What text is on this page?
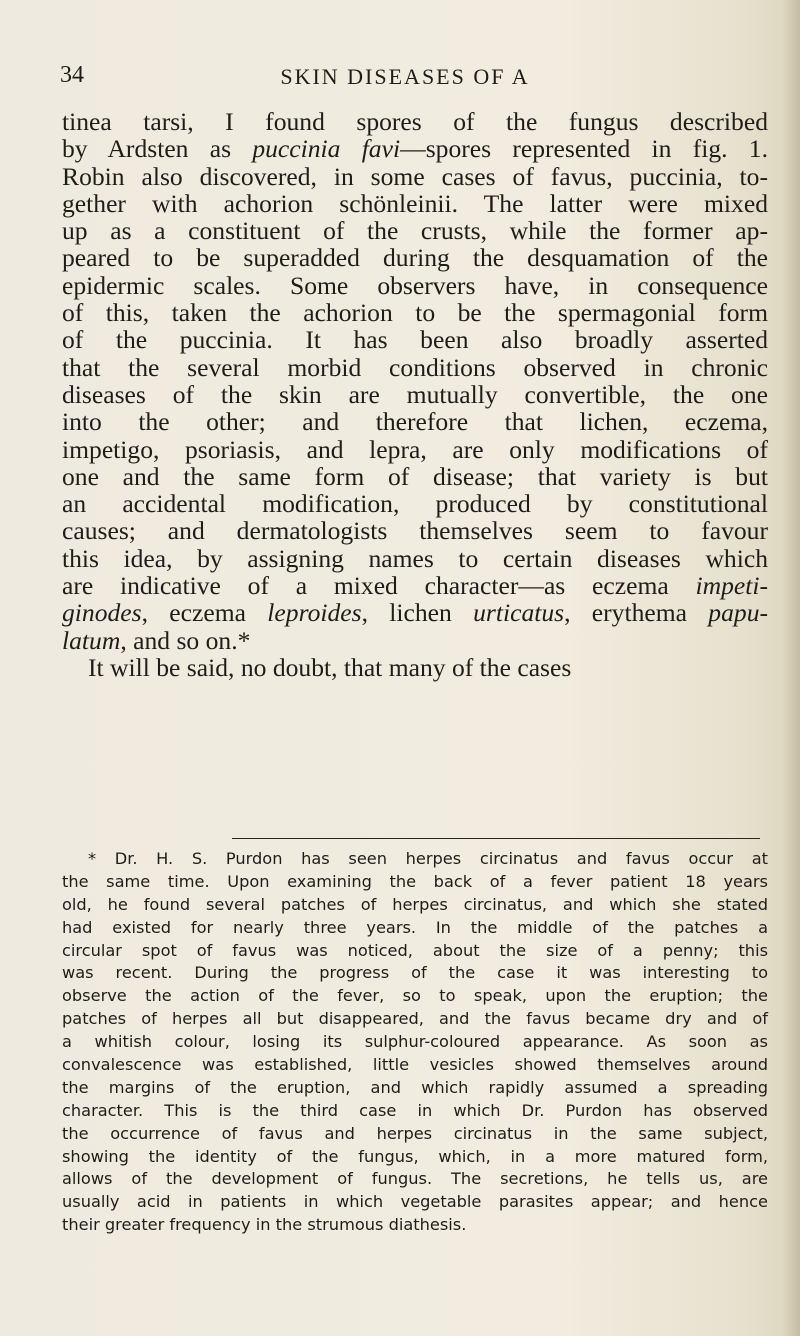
34	SKIN DISEASES OF A
tinea tarsi, I found spores of the fungus described
by Ardsten as puccinia favi—spores represented in fig. 1.
Robin also discovered, in some cases of favus, puccinia, to-
gether with achorion schönleinii. The latter were mixed
up as a constituent of the crusts, while the former ap-
peared to be superadded during the desquamation of the
epidermic scales. Some observers have, in consequence
of this, taken the achorion to be the spermagonial form
of the puccinia. It has been also broadly asserted
that the several morbid conditions observed in chronic
diseases of the skin are mutually convertible, the one
into the other; and therefore that lichen, eczema,
impetigo, psoriasis, and lepra, are only modifications of
one and the same form of disease; that variety is but
an accidental modification, produced by constitutional
causes; and dermatologists themselves seem to favour
this idea, by assigning names to certain diseases which
are indicative of a mixed character—as eczema impeti-
ginodes, eczema leproides, lichen urticatus, erythema papu-
latum, and so on.*
It will be said, no doubt, that many of the cases
* Dr. H. S. Purdon has seen herpes circinatus and favus occur at
the same time. Upon examining the back of a fever patient 18 years
old, he found several patches of herpes circinatus, and which she stated
had existed for nearly three years. In the middle of the patches a
circular spot of favus was noticed, about the size of a penny; this
was recent. During the progress of the case it was interesting to
observe the action of the fever, so to speak, upon the eruption; the
patches of herpes all but disappeared, and the favus became dry and of
a whitish colour, losing its sulphur-coloured appearance. As soon as
convalescence was established, little vesicles showed themselves around
the margins of the eruption, and which rapidly assumed a spreading
character. This is the third case in which Dr. Purdon has observed
the occurrence of favus and herpes circinatus in the same subject,
showing the identity of the fungus, which, in a more matured form,
allows of the development of fungus. The secretions, he tells us, are
usually acid in patients in which vegetable parasites appear; and hence
their greater frequency in the strumous diathesis.
